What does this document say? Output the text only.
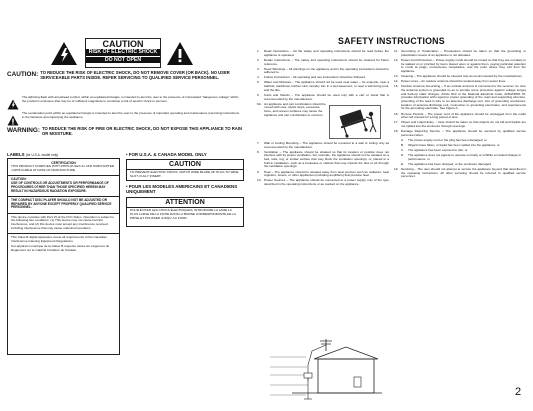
CAUTION
RISK OF ELECTRIC SHOCK
DO NOT OPEN
CAUTION: TO REDUCE THE RISK OF ELECTRIC SHOCK, DO NOT REMOVE COVER (OR BACK). NO USER SERVICEABLE PARTS INSIDE. REFER SERVICING TO QUALIFIED SERVICE PERSONNEL.
The lightning flash with arrowhead symbol, within an equilateral triangle, is intended to alert the user to the presence of uninsulated "dangerous voltage" within the product's enclosure that may be of sufficient magnitude to constitute a risk of electric shock to persons.
The exclamation point within an equilateral triangle is intended to alert the user to the presence of important operating and maintenance (servicing) instructions in the literature accompanying the appliance.
WARNING: TO REDUCE THE RISK OF FIRE OR ELECTRIC SHOCK, DO NOT EXPOSE THIS APPLIANCE TO RAIN OR MOISTURE.
LABELS (for U.S.A. model only)
CERTIFICATION
THIS PRODUCT COMPLIES WITH DHHS RULES 21 CFR SUBCHAPTER J APPLICABLE AT DATE OF MANUFACTURE.
CAUTION:
USE OF CONTROLS OR ADJUSTMENTS OR PERFORMANCE OF PROCEDURES OTHER THAN THOSE SPECIFIED HEREIN MAY RESULT IN HAZARDOUS RADIATION EXPOSURE.
THE COMPACT DISC PLAYER SHOULD NOT BE ADJUSTED OR REPAIRED BY ANYONE EXCEPT PROPERLY QUALIFIED SERVICE PERSONNEL.
This device complies with Part 15 of the FCC Rules. Operation is subject to the following two conditions: (1) This device may not cause harmful interference, and (2) this device must accept any interference received, including interference that may cause undesired operation.
This Class B digital apparatus meets all requirements of the Canadian Interference-Causing Equipment Regulations.
Cet appareil numérique de la classe B respecte toutes les exigences du Règlement sur le matériel brouilleur du Canada.
• FOR U.S.A. & CANADA MODEL ONLY
CAUTION
TO PREVENT ELECTRIC SHOCK, MATCH WIDE BLADE OF PLUG TO WIDE SLOT, FULLY INSERT.
• POUR LES MODELES AMERICAINS ET CANADIENS UNIQUEMENT
ATTENTION
POUR ÉVITER LES CHOCS ÉLECTRIQUES, INTRODUIRE LA LAME LA PLUS LARGE DE LA FICHE DANS LA BORNE CORRESPONDANTE DE LA PRISE ET POUSSER JUSQU' AU FOND.
SAFETY INSTRUCTIONS
1.	Read Instructions – All the safety and operating instructions should be read before the appliance is operated.
2.	Retain Instructions – The safety and operating instructions should be retained for future reference.
3.	Heed Warnings – All warnings on the appliance and in the operating instructions should be adhered to.
4.	Follow Instructions – All operating and use instructions should be followed.
5.	Water and Moisture – The appliance should not be used near water – for example, near a bathtub, washbowl, kitchen sink, laundry tub, in a wet basement, or near a swimming pool, and the like.
6.	Carts and Stands – The appliance should be used only with a cart or stand that is recommended by the manufacturer.
6A. An appliance and cart combination should be moved with care. Quick stops, excessive force, and uneven surfaces may cause the appliance and cart combination to overturn.
7.	Wall or Ceiling Mounting – The appliance should be mounted to a wall or ceiling only as recommended by the manufacturer.
8.	Ventilation – The appliance should be situated so that its location or position does not interfere with its proper ventilation. For example, the appliance should not be situated on a bed, sofa, rug, or similar surface that may block the ventilation openings; or, placed in a built-in installation, such as a bookcase or cabinet that may impede the flow of air through the ventilation openings.
9.	Heat – The appliance should be situated away from heat sources such as radiators, heat registers, stoves, or other appliances (including amplifiers) that produce heat.
10. Power Sources – The appliance should be connected to a power supply only of the type described in the operating instructions or as marked on the appliance.
11. Grounding or Polarization – Precautions should be taken so that the grounding or polarization means of an appliance is not defeated.
12. Power-Cord Protection – Power-supply cords should be routed so that they are not likely to be walked on or pinched by items placed upon or against them, paying particular attention to cords at plugs, convenience receptacles, and the point where they exit from the appliance.
13. Cleaning – The appliance should be cleaned only as recommended by the manufacturer.
14. Power Lines – An outdoor antenna should be located away from power lines.
15. Outdoor Antenna Grounding – If an outside antenna is connected to the receiver, be sure the antenna system is grounded so as to provide some protection against voltage surges and built-up static charges. Article 810 of the National Electrical Code, ANSI/NFPA 70, provides information with regard to proper grounding of the mast and supporting structure, grounding of the lead-in wire to an antenna discharge unit, size of grounding conductors, location of antenna-discharge unit, connection to grounding electrodes, and requirements for the grounding electrode. See Figure A.
16. Nonuse Periods – The power cord of the appliance should be unplugged from the outlet when left unused for a long period of time.
17. Object and Liquid Entry – Care should be taken so that objects do not fall and liquids are not spilled into the enclosure through openings.
18. Damage Requiring Service – The appliance should be serviced by qualified service personnel when:
A.	The power-supply cord or the plug has been damaged; or
B.	Objects have fallen, or liquid has been spilled into the appliance; or
C.	The appliance has been exposed to rain; or
D.	The appliance does not appear to operate normally or exhibits a marked change in performance; or
E.	The appliance has been dropped, or the enclosure damaged.
19. Servicing – The user should not attempt to service the appliance beyond that described in the operating instructions. All other servicing should be referred to qualified service personnel.
2
